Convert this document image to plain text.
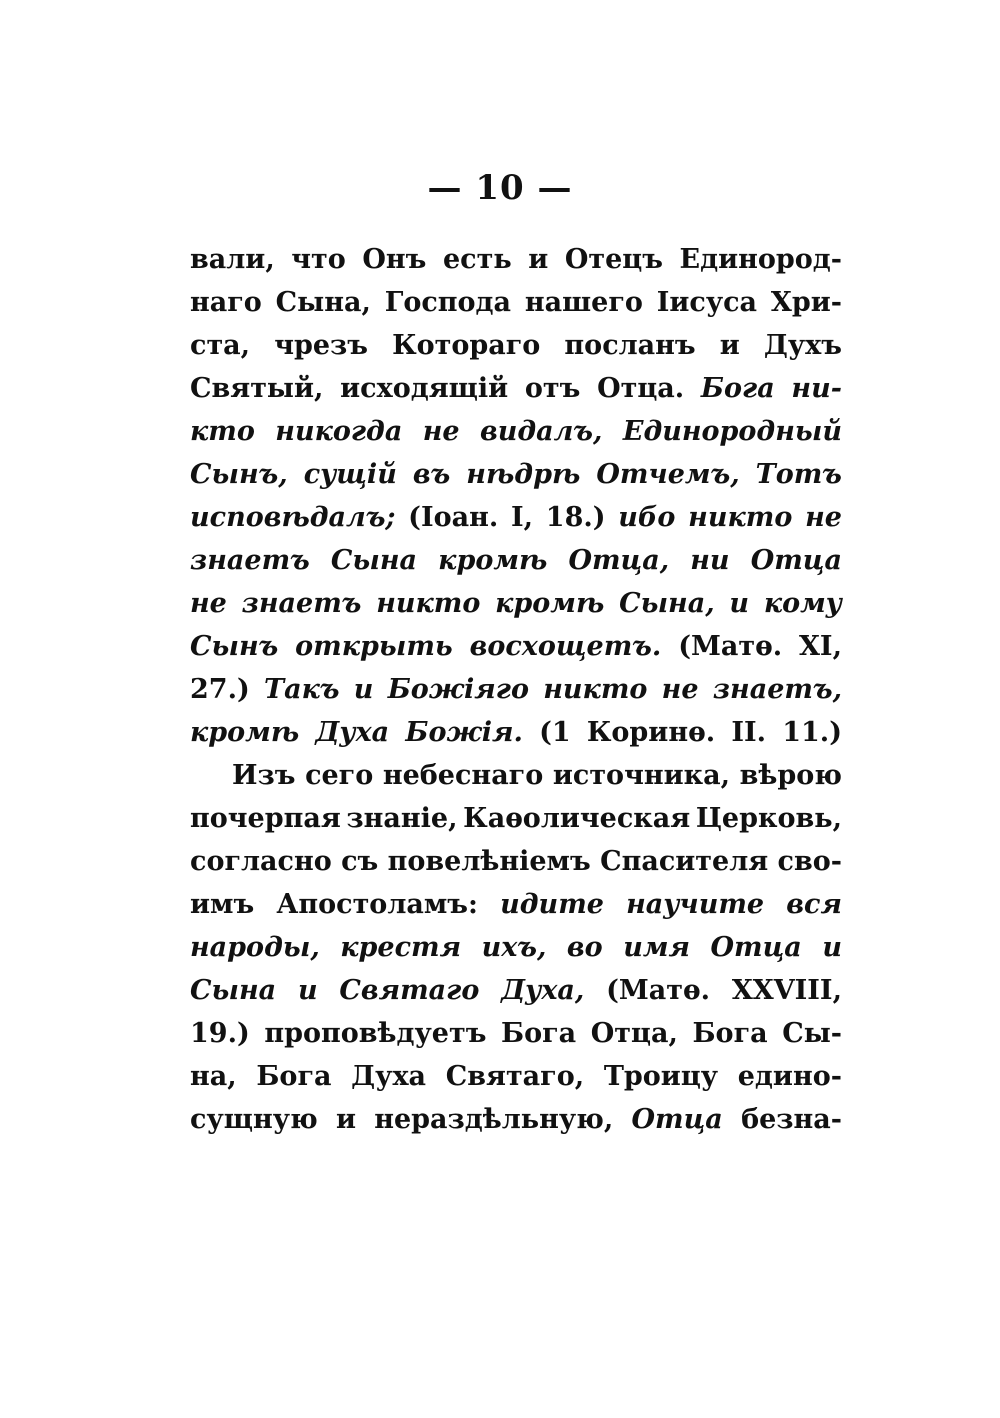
— 10 —
вали, что Онъ есть и Отецъ Единород-
наго Сына, Господа нашего Іисуса Хри-
ста, чрезъ Котораго посланъ и Духъ
Святый, исходящій отъ Отца. Бога ни-
кто никогда не видалъ, Единородный
Сынъ, сущій въ нѣдрѣ Отчемъ, Тотъ
исповѣдалъ; (Іоан. I, 18.) ибо никто не
знаетъ Сына кромѣ Отца, ни Отца
не знаетъ никто кромѣ Сына, и кому
Сынъ открыть восхощетъ. (Матѳ. XI,
27.) Такъ и Божіяго никто не знаетъ,
кромѣ Духа Божія. (1 Коринѳ. II. 11.)
Изъ сего небеснаго источника, вѣрою
почерпая знаніе, Каѳолическая Церковь,
согласно съ повелѣніемъ Спасителя сво-
имъ Апостоламъ: идите научите вся
народы, крестя ихъ, во имя Отца и
Сына и Святаго Духа, (Матѳ. XXVIII,
19.) проповѣдуетъ Бога Отца, Бога Сы-
на, Бога Духа Святаго, Троицу едино-
сущную и нераздѣльную, Отца безна-
